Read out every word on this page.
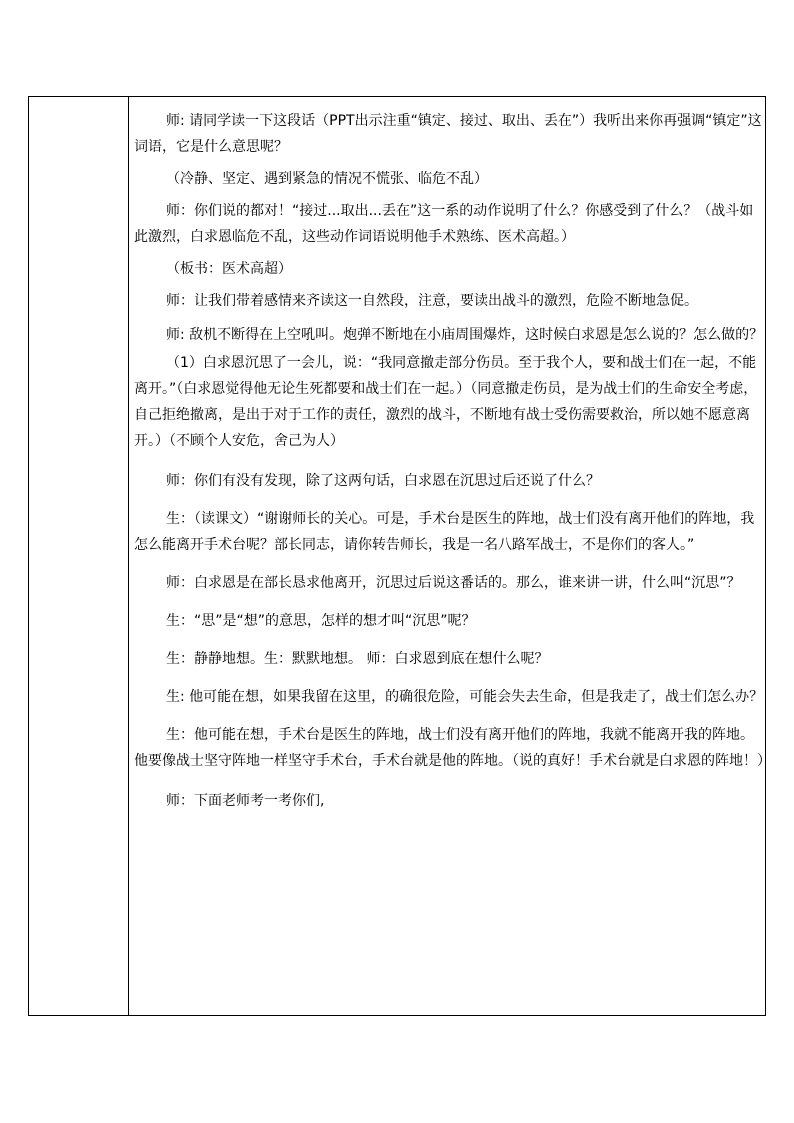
师: 请同学读一下这段话（PPT出示注重“镇定、接过、取出、丢在”）我听出来你再强调“镇定”这词语，它是什么意思呢？

（冷静、坚定、遇到紧急的情况不慌张、临危不乱）

师：你们说的都对！“接过...取出...丢在”这一系的动作说明了什么？你感受到了什么？（战斗如此激烈，白求恩临危不乱，这些动作词语说明他手术熟练、医术高超。）

（板书：医术高超）

师：让我们带着感情来齐读这一自然段，注意，要读出战斗的激烈，危险不断地急促。

师: 敌机不断得在上空吼叫。炮弹不断地在小庙周围爆炸，这时候白求恩是怎么说的？怎么做的？

（1）白求恩沉思了一会儿，说：“我同意撤走部分伤员。至于我个人，要和战士们在一起，不能离开。”（白求恩觉得他无论生死都要和战士们在一起。）（同意撤走伤员，是为战士们的生命安全考虑，自己拒绝撤离，是出于对于工作的责任，激烈的战斗，不断地有战士受伤需要救治，所以她不愿意离开。）（不顾个人安危，舍己为人）

师：你们有没有发现，除了这两句话，白求恩在沉思过后还说了什么？

生：（读课文）“谢谢师长的关心。可是，手术台是医生的阵地，战士们没有离开他们的阵地，我怎么能离开手术台呢？部长同志，请你转告师长，我是一名八路军战士，不是你们的客人。”

师：白求恩是在部长恳求他离开，沉思过后说这番话的。那么，谁来讲一讲，什么叫“沉思”？

生：“思”是“想”的意思，怎样的想才叫“沉思”呢？

生：静静地想。生：默默地想。 师：白求恩到底在想什么呢？

生: 他可能在想，如果我留在这里，的确很危险，可能会失去生命，但是我走了，战士们怎么办？

生：他可能在想，手术台是医生的阵地，战士们没有离开他们的阵地，我就不能离开我的阵地。他要像战士坚守阵地一样坚守手术台，手术台就是他的阵地。（说的真好！手术台就是白求恩的阵地！）

师：下面老师考一考你们,
